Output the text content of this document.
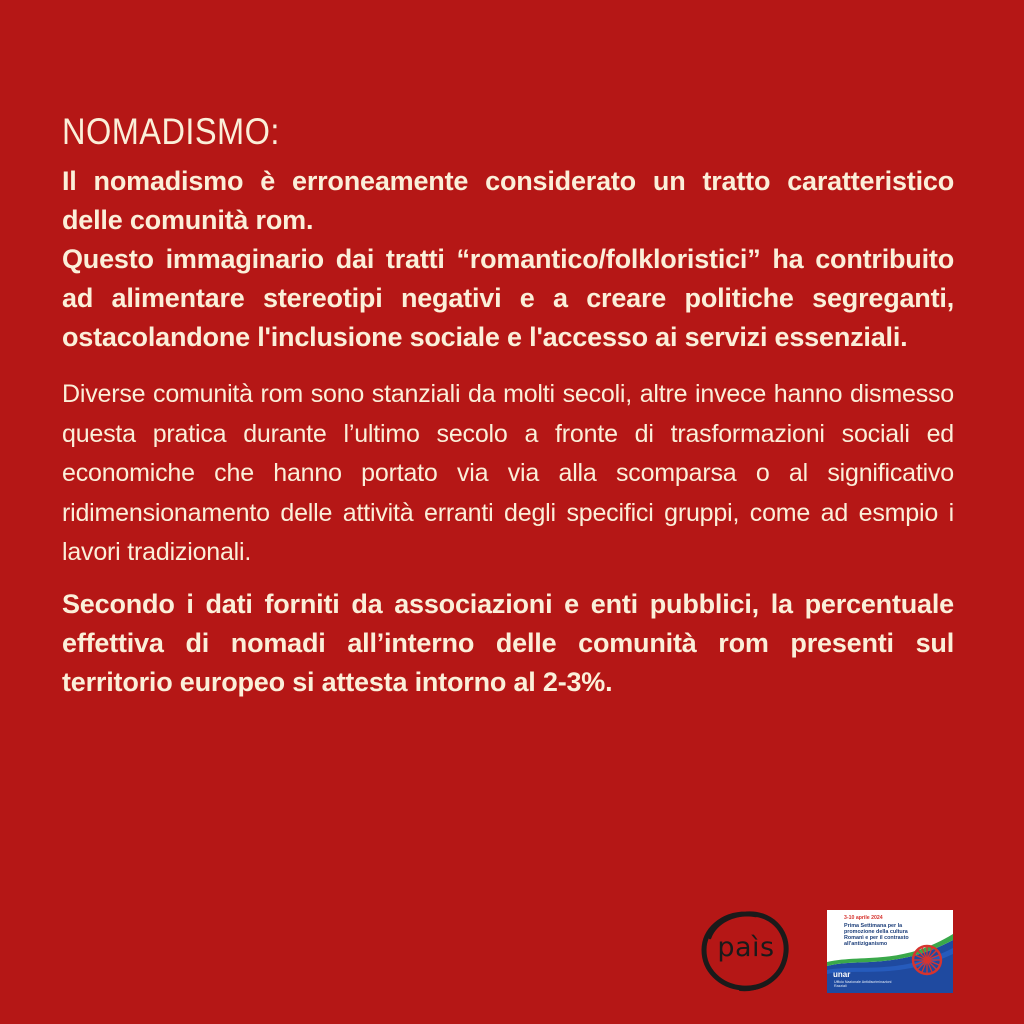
NOMADISMO:

Il nomadismo è erroneamente considerato un tratto caratteristico delle comunità rom.

Questo immaginario dai tratti “romantico/folkloristici” ha contribuito ad alimentare stereotipi negativi e a creare politiche segreganti, ostacolandone l'inclusione sociale e l'accesso ai servizi essenziali.

Diverse comunità rom sono stanziali da molti secoli, altre invece hanno dismesso questa pratica durante l’ultimo secolo a fronte di trasformazioni sociali ed economiche che hanno portato via via alla scomparsa o al significativo ridimensionamento delle attività erranti degli specifici gruppi, come ad esmpio i lavori tradizionali.

Secondo i dati forniti da associazioni e enti pubblici, la percentuale effettiva di nomadi all’interno delle comunità rom presenti sul territorio europeo si attesta intorno al 2-3%.

paìs
3-10 aprile 2024
Prima Settimana per la promozione della cultura Romanì e per il contrasto all'antiziganismo
unar
Ufficio Nazionale Antidiscriminazioni Razziali
